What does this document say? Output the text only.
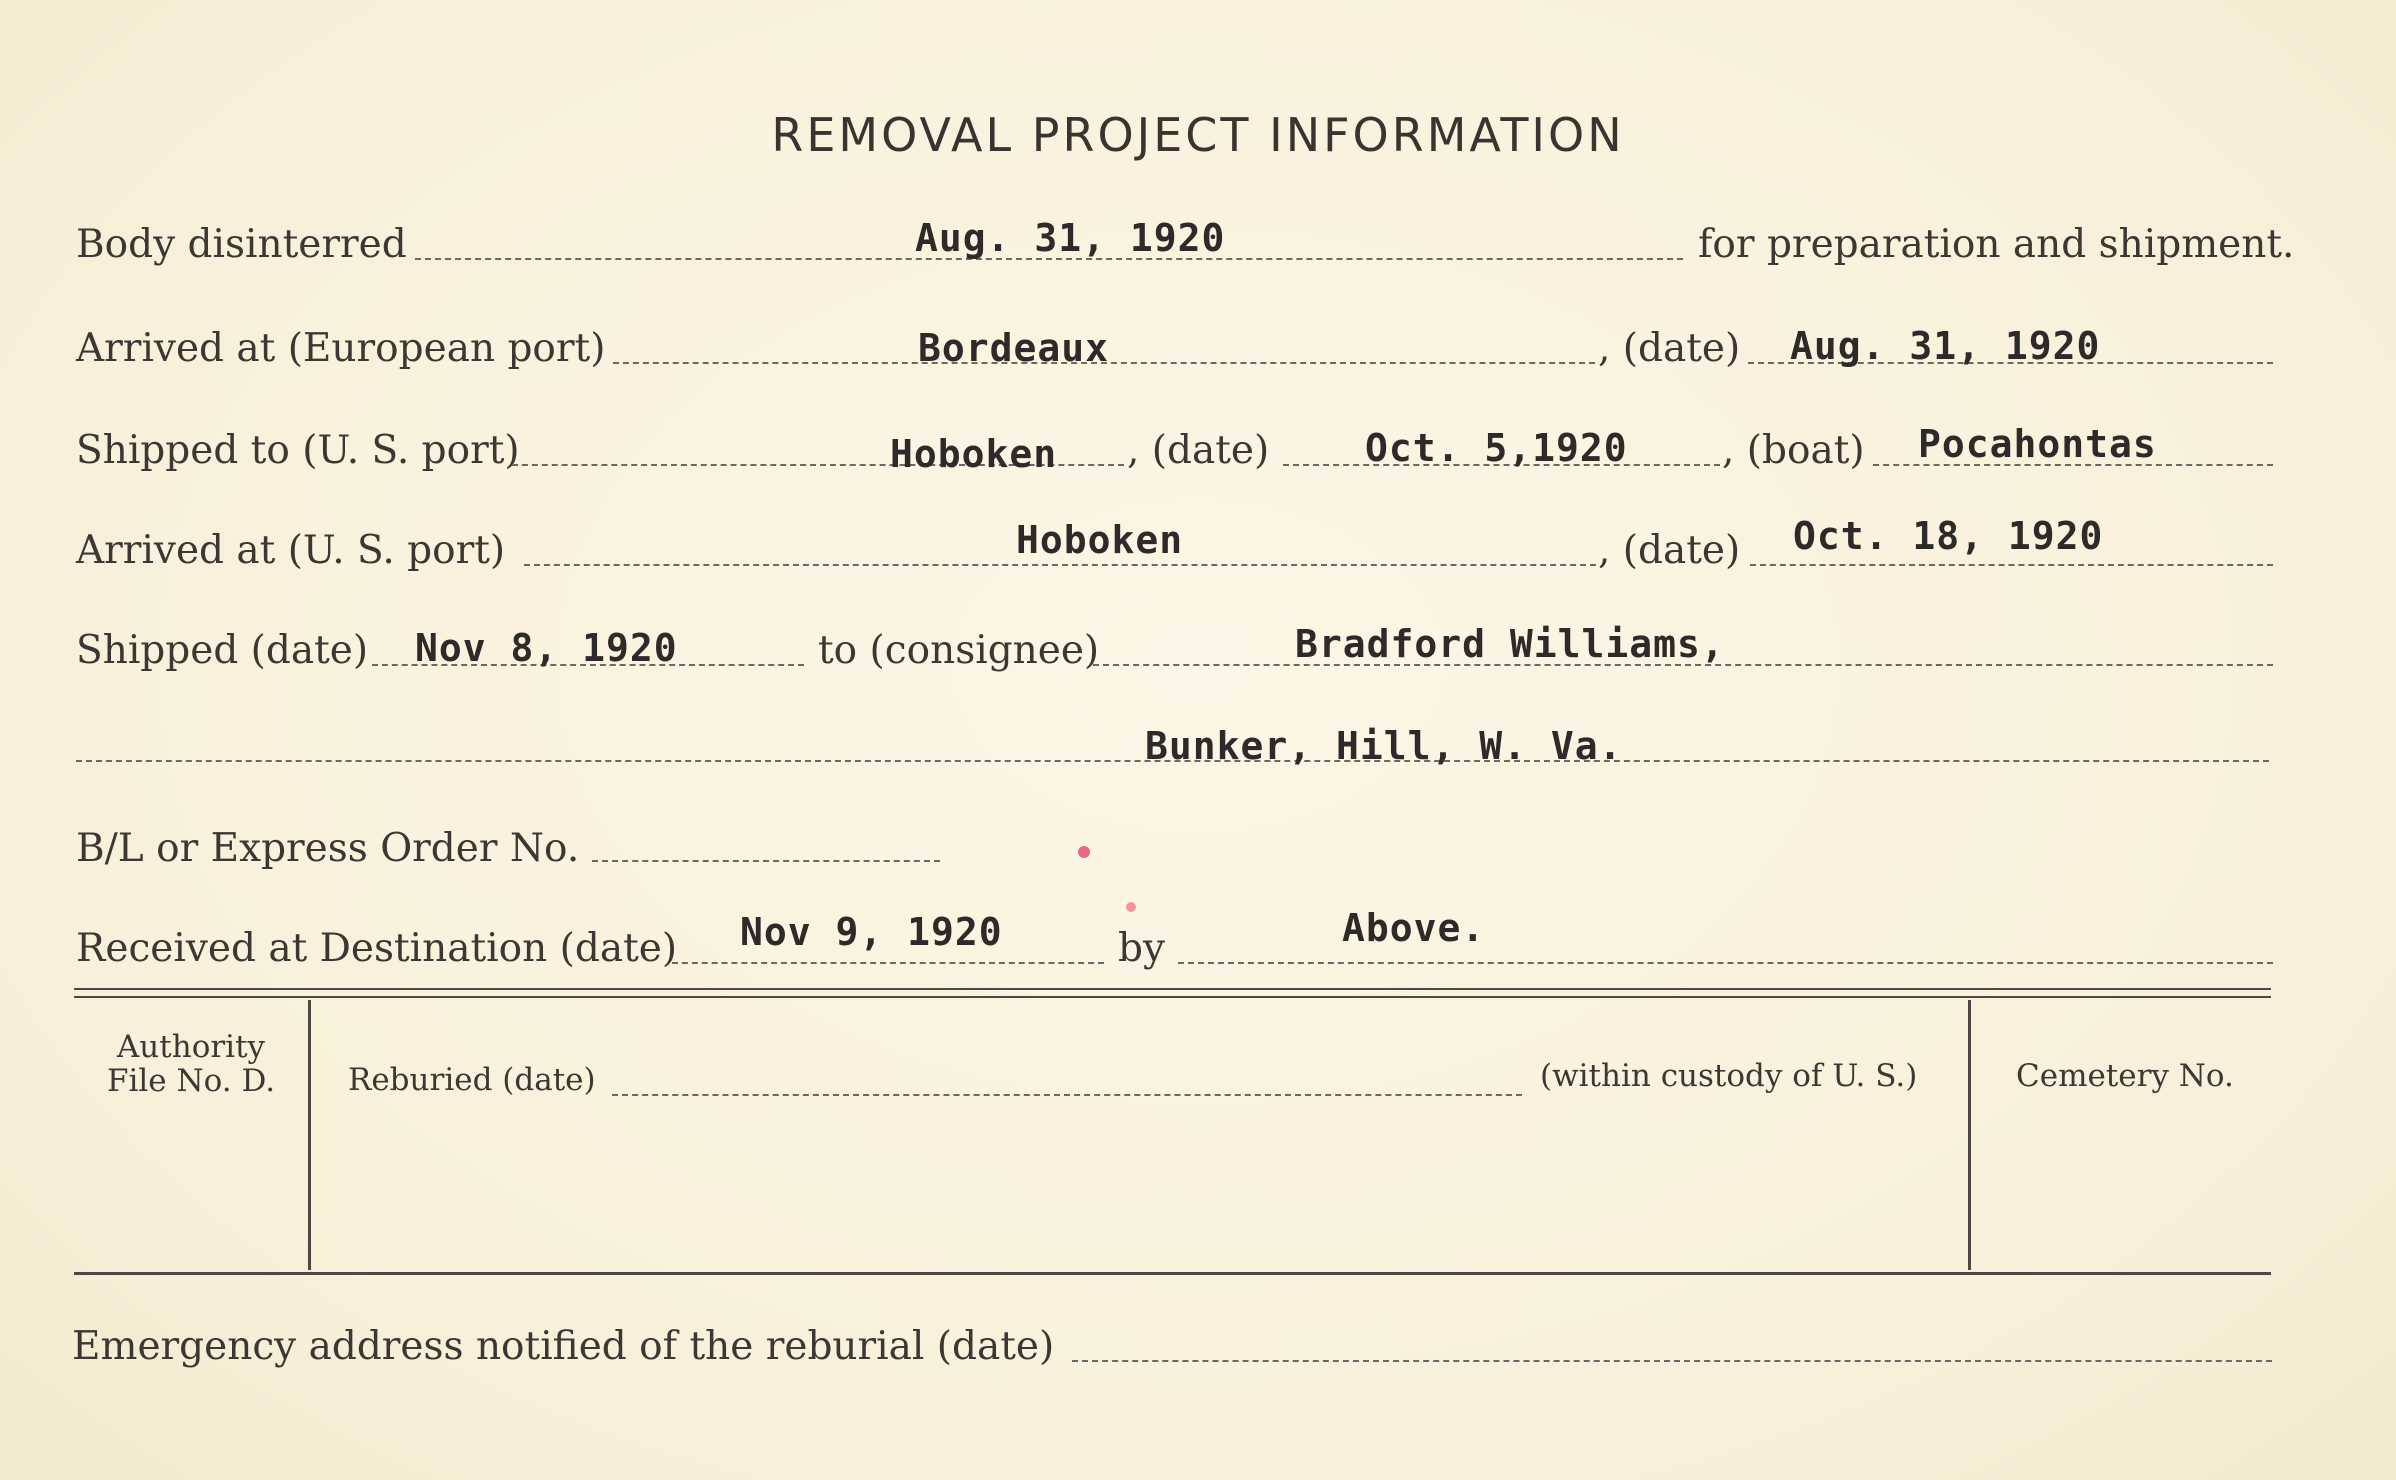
REMOVAL PROJECT INFORMATION
Body disinterred	Aug. 31, 1920	for preparation and shipment.
Arrived at (European port)	Bordeaux	, (date) Aug. 31, 1920
Shipped to (U. S. port)	Hoboken , (date)	Oct. 5,1920 , (boat) Pocahontas
Arrived at (U. S. port)	Hoboken	, (date) Oct. 18, 1920
Shipped (date) Nov 8, 1920	to (consignee)	Bradford Williams,
Bunker, Hill, W. Va.
B/L or Express Order No.
Received at Destination (date) Nov 9, 1920	by	Above.
Authority
File No. D.	Reburied (date)	(within custody of U. S.)	Cemetery No.
Emergency address notified of the reburial (date)
